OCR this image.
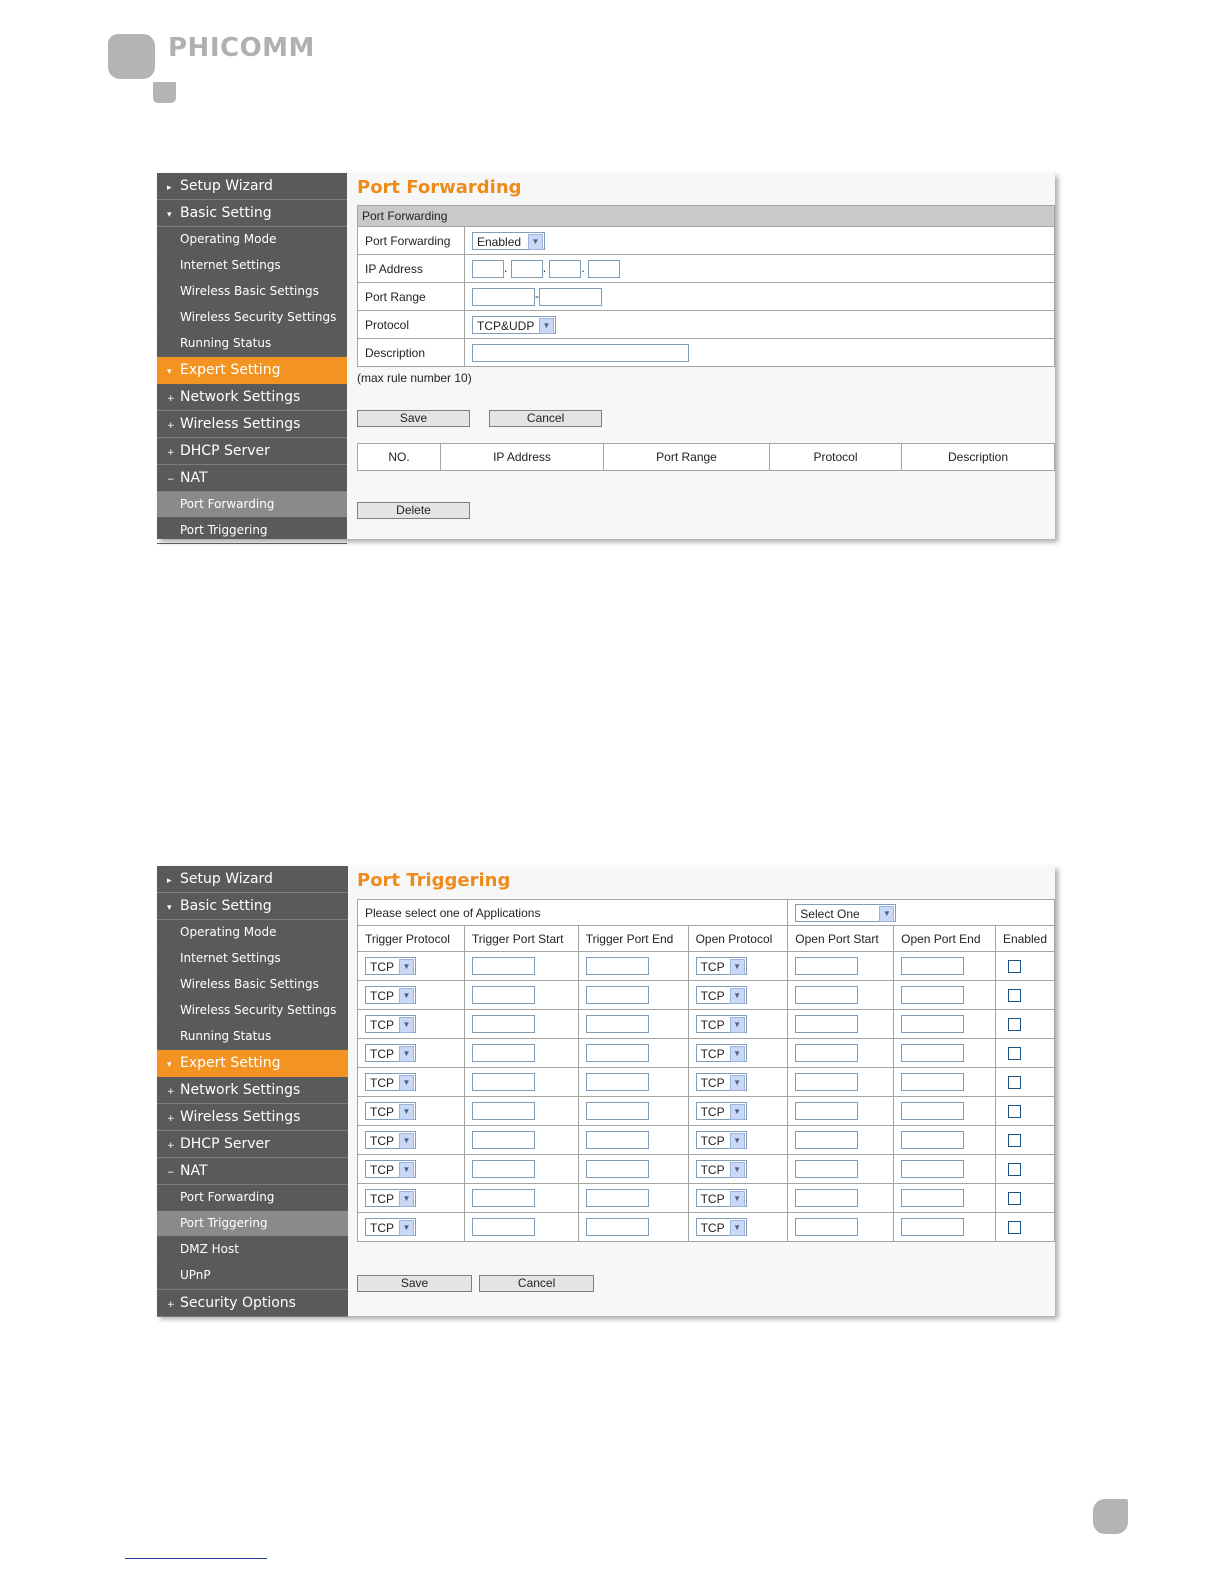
PHICOMM
▸ Setup Wizard
▾ Basic Setting
Operating Mode
Internet Settings
Wireless Basic Settings
Wireless Security Settings
Running Status
▾ Expert Setting
+ Network Settings
+ Wireless Settings
+ DHCP Server
− NAT
Port Forwarding
Port Triggering
Port Forwarding
Port Forwarding	
Port Forwarding	Enabled ▼

IP Address	. . .
Port Range	-
Protocol	TCP&UDP ▼

Description	
(max rule number 10)
Save	Cancel
NO.	IP Address	Port Range	Protocol	Description
Delete
▸ Setup Wizard
▾ Basic Setting
Operating Mode
Internet Settings
Wireless Basic Settings
Wireless Security Settings
Running Status
▾ Expert Setting
+ Network Settings
+ Wireless Settings
+ DHCP Server
− NAT
Port Forwarding
Port Triggering
DMZ Host
UPnP
+ Security Options
Port Triggering
Please select one of Applications				Select One ▼		

Trigger Protocol	Trigger Port Start	Trigger Port End	Open Protocol	Open Port Start	Open Port End	Enabled
TCP ▼			TCP ▼			

TCP ▼			TCP ▼			

TCP ▼			TCP ▼			

TCP ▼			TCP ▼			

TCP ▼			TCP ▼			

TCP ▼			TCP ▼			

TCP ▼			TCP ▼			

TCP ▼			TCP ▼			

TCP ▼			TCP ▼			

TCP ▼			TCP ▼			

Save	Cancel
